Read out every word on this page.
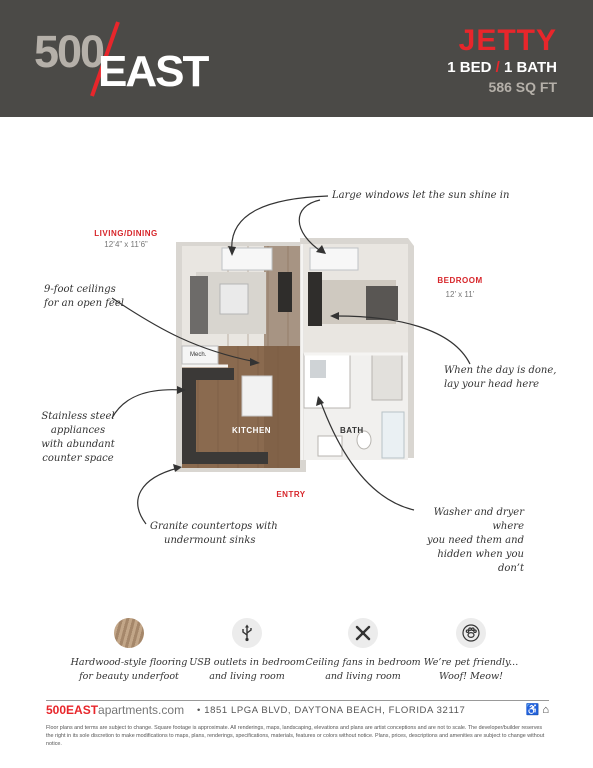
500
EAST
JETTY
1 BED / 1 BATH
586 SQ FT
LIVING/DINING
12’4” x 11’6”
BEDROOM
12’ x 11’
ENTRY
KITCHEN	BATH
Mech.
Large windows let the sun shine in
9-foot ceilings
for an open feel
Stainless steel
appliances
with abundant
counter space
Granite countertops with
undermount sinks
When the day is done,
lay your head here
Washer and dryer where
you need them and
hidden when you don’t
Hardwood-style flooring
for beauty underfoot
USB outlets in bedroom
and living room
Ceiling fans in bedroom
and living room
We’re pet friendly...
Woof! Meow!
500EASTapartments.com • 1851 LPGA BLVD, DAYTONA BEACH, FLORIDA 32117	♿ ⌂
Floor plans and terms are subject to change. Square footage is approximate. All renderings, maps, landscaping, elevations and plans are artist conceptions and are not to scale. The developer/builder reserves the right in its sole discretion to make modifications to maps, plans, renderings, specifications, materials, features or colors without notice. Plans, prices, descriptions and amenities are subject to change without notice.
